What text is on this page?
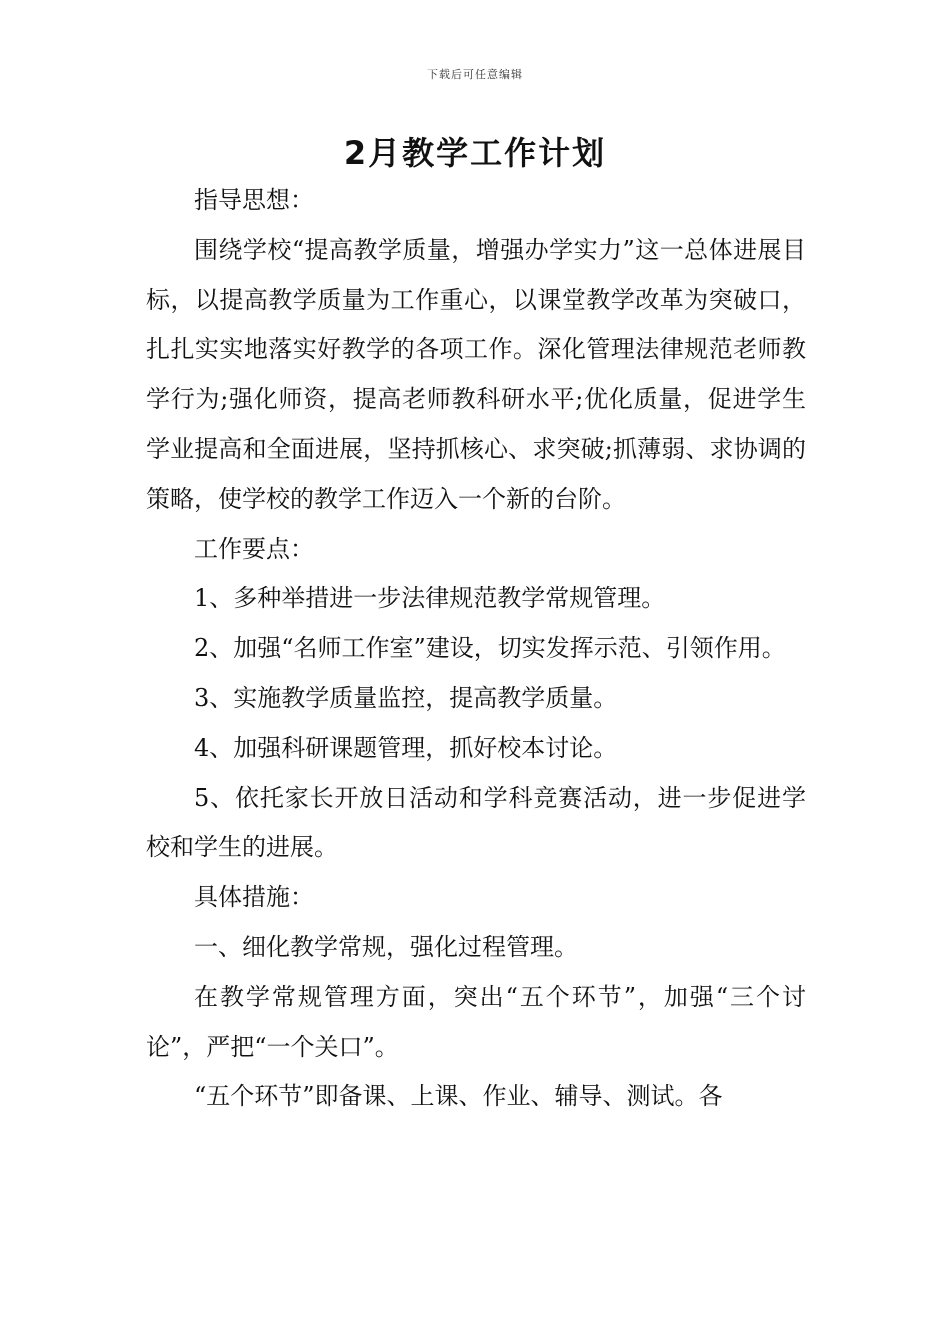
下载后可任意编辑
2月教学工作计划

指导思想：

围绕学校“提高教学质量，增强办学实力”这一总体进展目标，以提高教学质量为工作重心，以课堂教学改革为突破口，扎扎实实地落实好教学的各项工作。深化管理法律规范老师教学行为;强化师资，提高老师教科研水平;优化质量，促进学生学业提高和全面进展，坚持抓核心、求突破;抓薄弱、求协调的策略，使学校的教学工作迈入一个新的台阶。

工作要点：

1、多种举措进一步法律规范教学常规管理。

2、加强“名师工作室”建设，切实发挥示范、引领作用。

3、实施教学质量监控，提高教学质量。

4、加强科研课题管理，抓好校本讨论。

5、依托家长开放日活动和学科竞赛活动，进一步促进学校和学生的进展。

具体措施：

一、细化教学常规，强化过程管理。

在教学常规管理方面，突出“五个环节”，加强“三个讨论”，严把“一个关口”。

“五个环节”即备课、上课、作业、辅导、测试。各
